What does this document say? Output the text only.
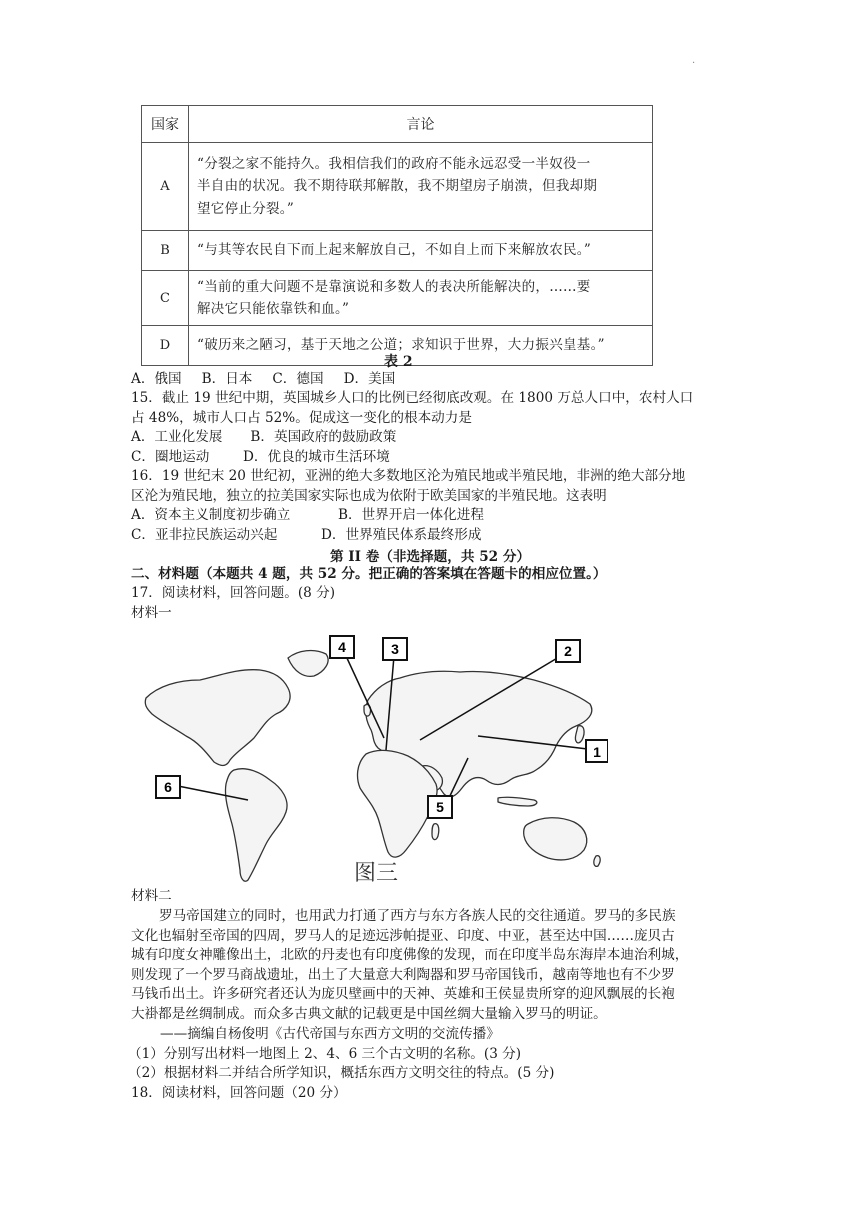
·
国家	言论
A	“分裂之家不能持久。我相信我们的政府不能永远忍受一半奴役一
半自由的状况。我不期待联邦解散，我不期望房子崩溃，但我却期
望它停止分裂。”

B	“与其等农民自下而上起来解放自己，不如自上而下来解放农民。”

C	“当前的重大问题不是靠演说和多数人的表决所能解决的，……要
解决它只能依靠铁和血。”

D	“破历来之陋习，基于天地之公道；求知识于世界，大力振兴皇基。”
表 2
A．俄国 B．日本 C．德国 D．美国
15．截止 19 世纪中期，英国城乡人口的比例已经彻底改观。在 1800 万总人口中，农村人口
占 48%，城市人口占 52%。促成这一变化的根本动力是
A．工业化发展 B．英国政府的鼓励政策
C．圈地运动 D．优良的城市生活环境
16．19 世纪末 20 世纪初，亚洲的绝大多数地区沦为殖民地或半殖民地，非洲的绝大部分地
区沦为殖民地，独立的拉美国家实际也成为依附于欧美国家的半殖民地。这表明
A．资本主义制度初步确立	B．世界开启一体化进程
C．亚非拉民族运动兴起	D．世界殖民体系最终形成
第 II 卷（非选择题，共 52 分）
二、材料题（本题共 4 题，共 52 分。把正确的答案填在答题卡的相应位置。）
17．阅读材料，回答问题。(8 分)
材料一
1
2
3
4
5
6
图三
材料二
罗马帝国建立的同时，也用武力打通了西方与东方各族人民的交往通道。罗马的多民族
文化也辐射至帝国的四周，罗马人的足迹远涉帕提亚、印度、中亚，甚至达中国……庞贝古
城有印度女神雕像出土，北欧的丹麦也有印度佛像的发现，而在印度半岛东海岸本迪治利城，
则发现了一个罗马商战遗址，出土了大量意大利陶器和罗马帝国钱币，越南等地也有不少罗
马钱币出土。许多研究者还认为庞贝壁画中的天神、英雄和王侯显贵所穿的迎风飘展的长袍
大褂都是丝绸制成。而众多古典文献的记载更是中国丝绸大量输入罗马的明证。
——摘编自杨俊明《古代帝国与东西方文明的交流传播》
（1）分别写出材料一地图上 2、4、6 三个古文明的名称。(3 分)
（2）根据材料二并结合所学知识，概括东西方文明交往的特点。(5 分)
18．阅读材料，回答问题（20 分）
